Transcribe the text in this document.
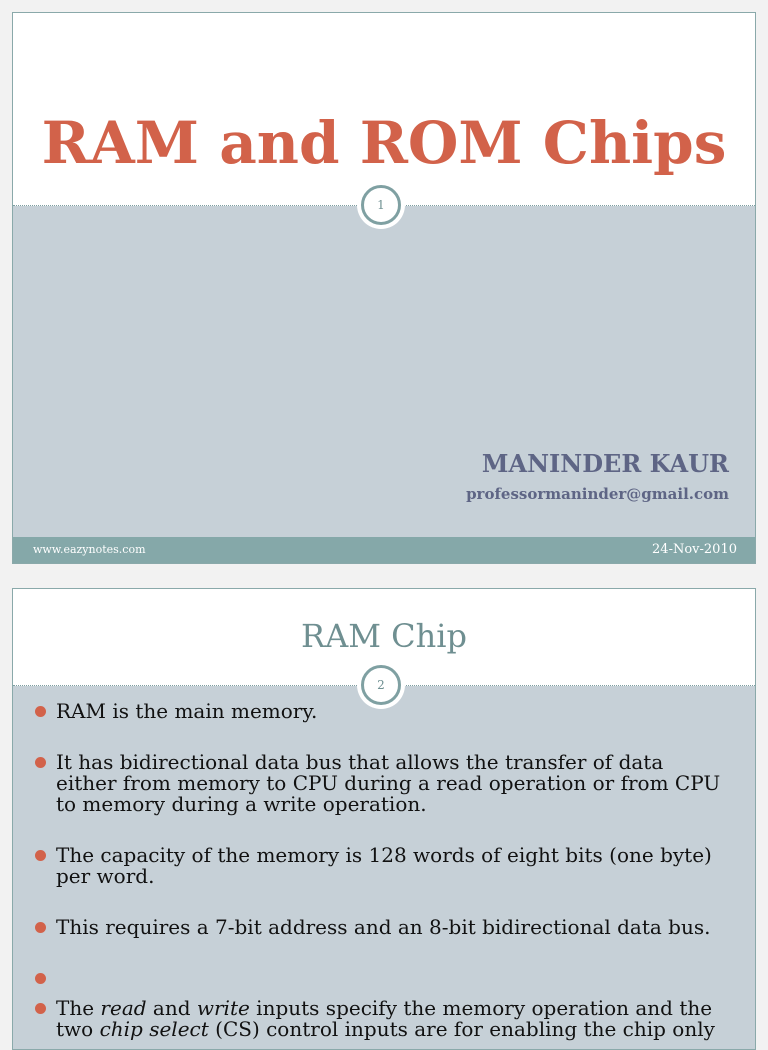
RAM and ROM Chips
1

MANINDER KAUR

professormaninder@gmail.com

www.eazynotes.com	24-Nov-2010
RAM Chip
2
RAM is the main memory.
It has bidirectional data bus that allows the transfer of data either from memory to CPU during a read operation or from CPU to memory during a write operation.
The capacity of the memory is 128 words of eight bits (one byte) per word.
This requires a 7-bit address and an 8-bit bidirectional data bus.
The read and write inputs specify the memory operation and the two chip select (CS) control inputs are for enabling the chip only
